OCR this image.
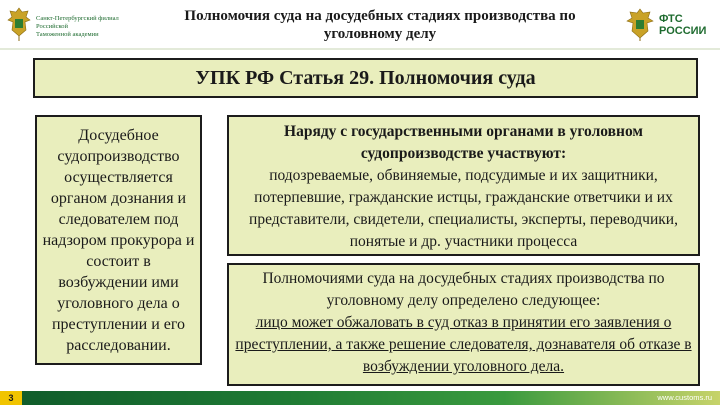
Санкт-Петербургский филиал
Российской
Таможенной академии
Полномочия суда на досудебных стадиях производства по уголовному делу
ФТС
РОССИИ
УПК РФ Статья 29. Полномочия суда
Досудебное судопроизводство осуществляется органом дознания и следователем под надзором прокурора и состоит в возбуждении ими уголовного дела о преступлении и его расследовании.
Наряду с государственными органами в уголовном судопроизводстве участвуют:
подозреваемые, обвиняемые, подсудимые и их защитники, потерпевшие, гражданские истцы, гражданские ответчики и их представители, свидетели, специалисты, эксперты, переводчики, понятые и др. участники процесса
Полномочиями суда на досудебных стадиях производства по уголовному делу определено следующее:
лицо может обжаловать в суд отказ в принятии его заявления о преступлении, а также решение следователя, дознавателя об отказе в возбуждении уголовного дела.
3	www.customs.ru
